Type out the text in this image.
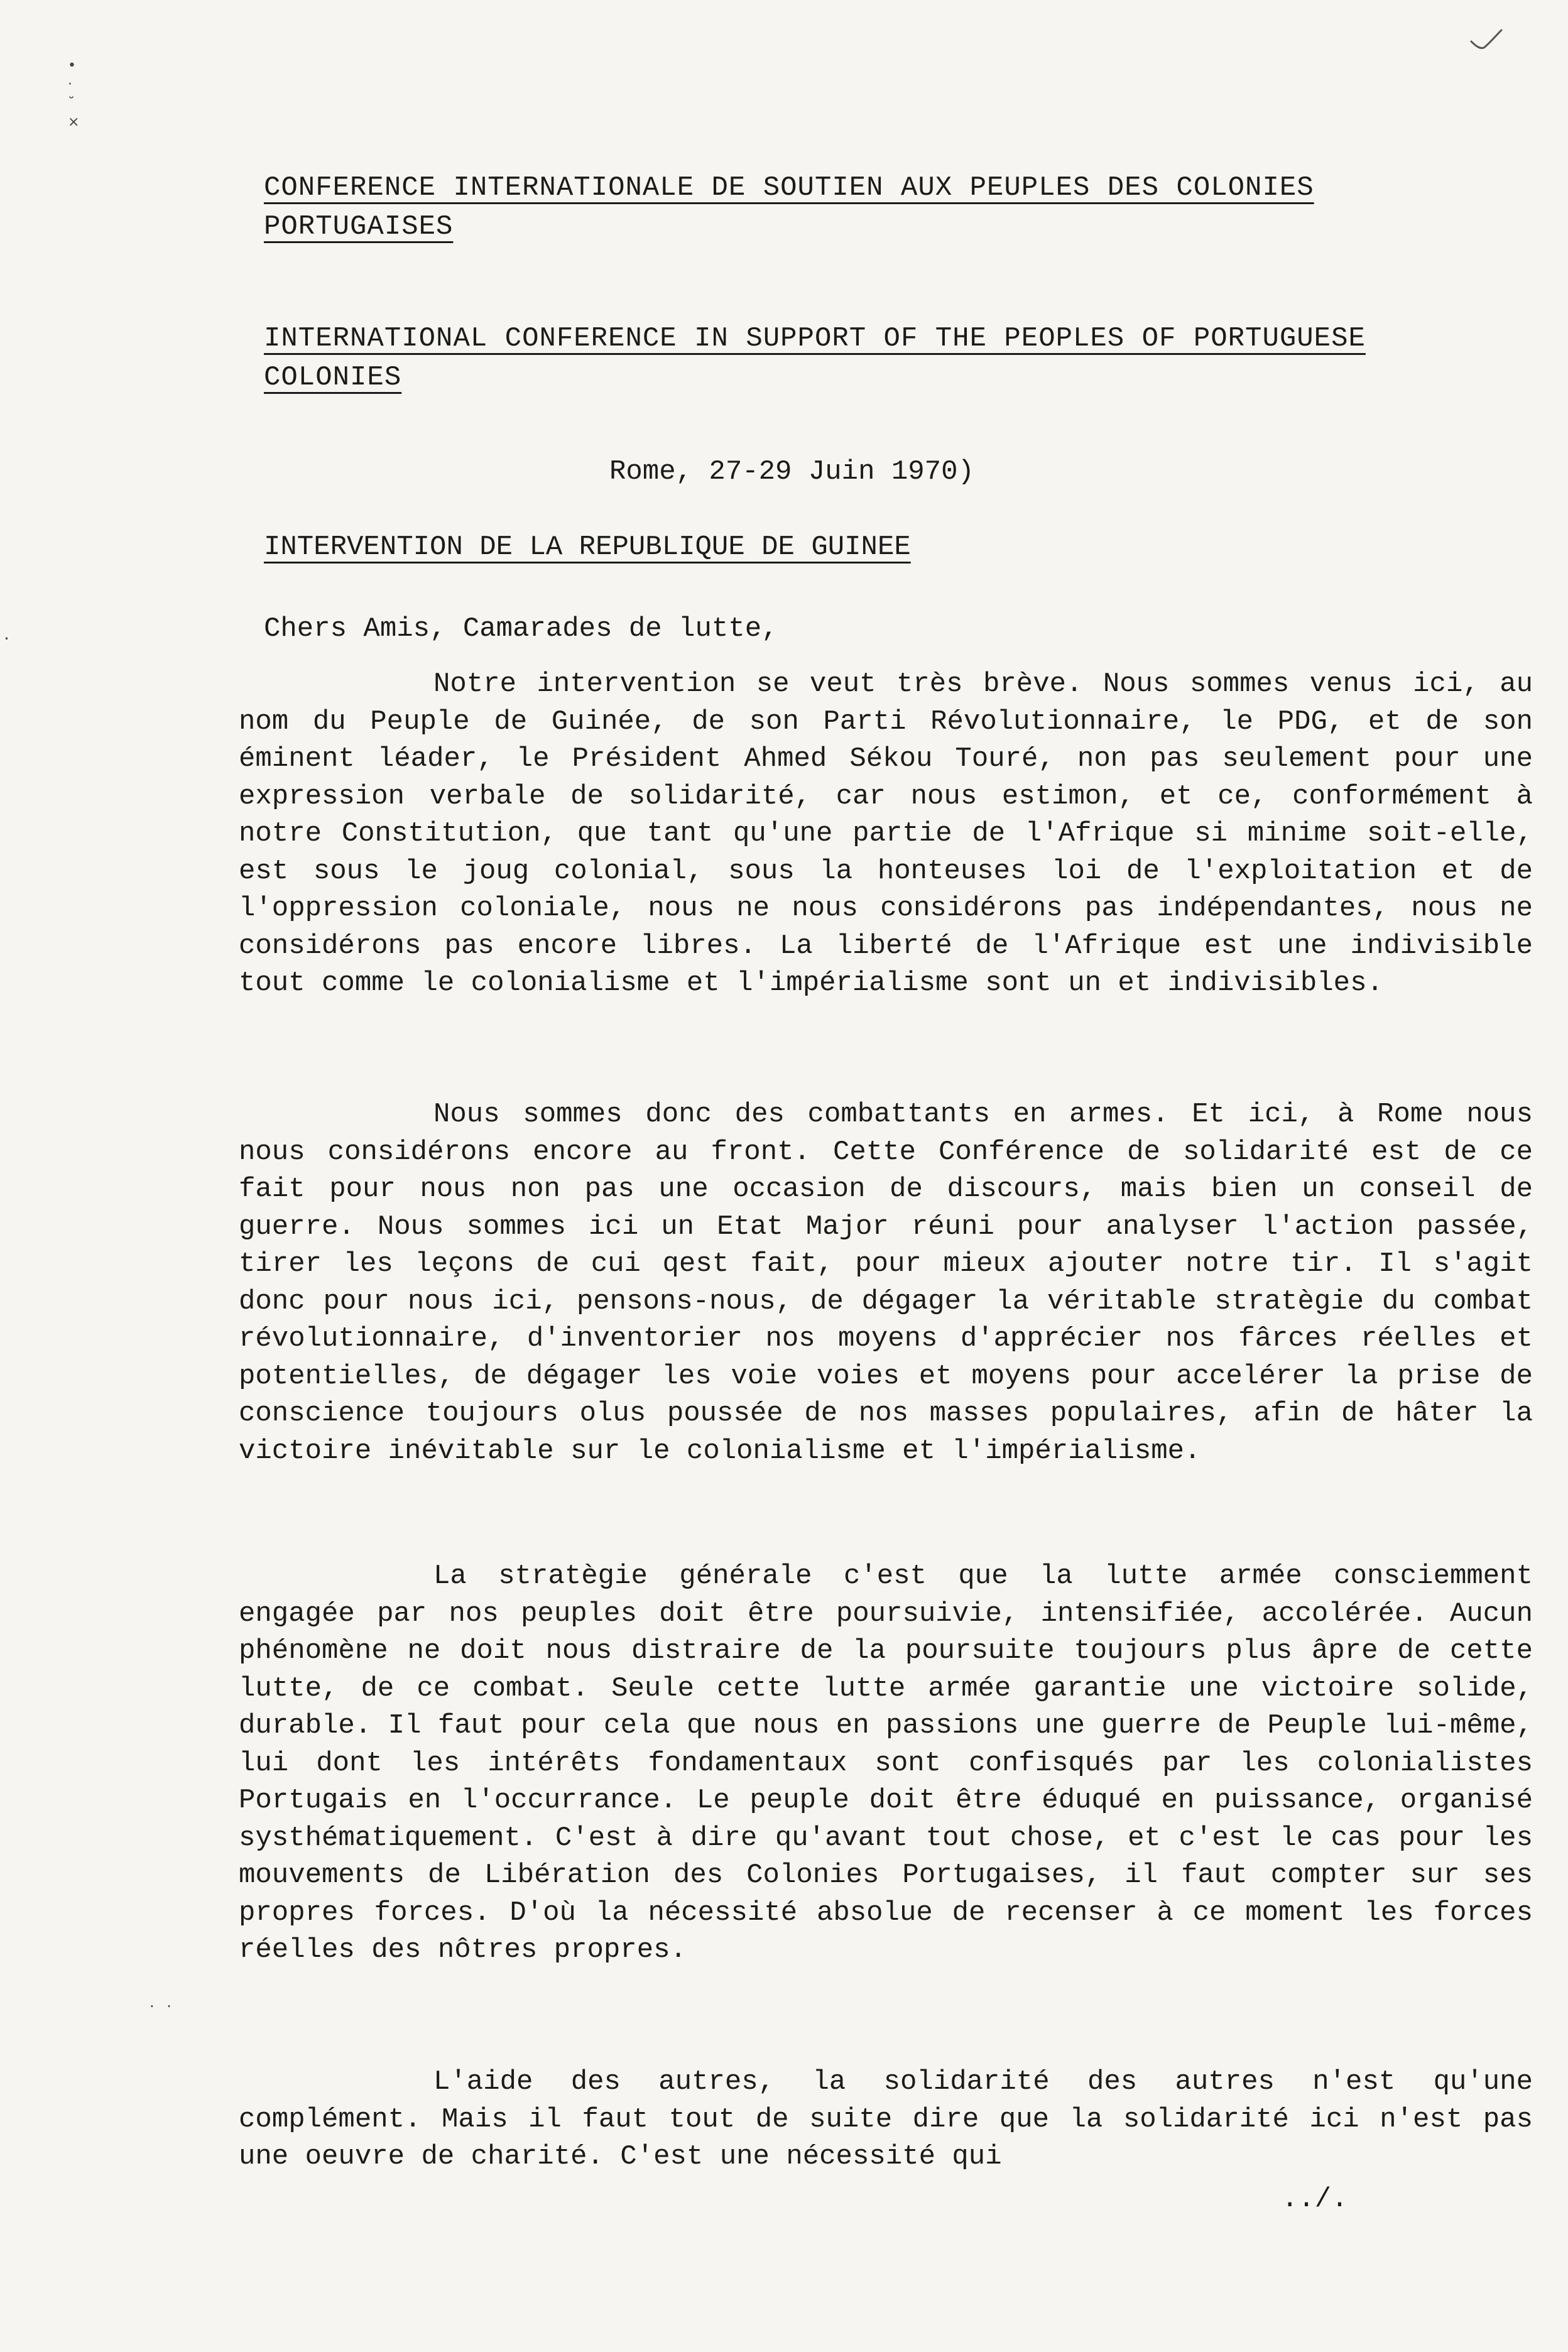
•
·
˘
×
·
· ·
CONFERENCE INTERNATIONALE DE SOUTIEN AUX PEUPLES DES COLONIES PORTUGAISES
INTERNATIONAL CONFERENCE IN SUPPORT OF THE PEOPLES OF PORTUGUESE COLONIES
Rome, 27-29 Juin 1970)
INTERVENTION DE LA REPUBLIQUE DE GUINEE
Chers Amis, Camarades de lutte,

Notre intervention se veut très brève. Nous sommes venus ici, au nom du Peuple de Guinée, de son Parti Révolutionnaire, le PDG, et de son éminent léader, le Président Ahmed Sékou Touré, non pas seulement pour une expression verbale de solidarité, car nous estimon, et ce, conformément à notre Constitution, que tant qu'une partie de l'Afrique si minime soit-elle, est sous le joug colonial, sous la honteuses loi de l'exploitation et de l'oppression coloniale, nous ne nous considérons pas indépendantes, nous ne considérons pas encore libres. La liberté de l'Afrique est une indivisible tout comme le colonialisme et l'impérialisme sont un et indivisibles.

Nous sommes donc des combattants en armes. Et ici, à Rome nous nous considérons encore au front. Cette Conférence de solidarité est de ce fait pour nous non pas une occasion de discours, mais bien un conseil de guerre. Nous sommes ici un Etat Major réuni pour analyser l'action passée, tirer les leçons de cui qest fait, pour mieux ajouter notre tir. Il s'agit donc pour nous ici, pensons-nous, de dégager la véritable stratègie du combat révolutionnaire, d'inventorier nos moyens d'apprécier nos fârces réelles et potentielles, de dégager les voie voies et moyens pour accelérer la prise de conscience toujours olus poussée de nos masses populaires, afin de hâter la victoire inévitable sur le colonialisme et l'impérialisme.

La stratègie générale c'est que la lutte armée consciemment engagée par nos peuples doit être poursuivie, intensifiée, accolérée. Aucun phénomène ne doit nous distraire de la poursuite toujours plus âpre de cette lutte, de ce combat. Seule cette lutte armée garantie une victoire solide, durable. Il faut pour cela que nous en passions une guerre de Peuple lui-même, lui dont les intérêts fondamentaux sont confisqués par les colonialistes Portugais en l'occurrance. Le peuple doit être éduqué en puissance, organisé systhématiquement. C'est à dire qu'avant tout chose, et c'est le cas pour les mouvements de Libération des Colonies Portugaises, il faut compter sur ses propres forces. D'où la nécessité absolue de recenser à ce moment les forces réelles des nôtres propres.

L'aide des autres, la solidarité des autres n'est qu'une complément. Mais il faut tout de suite dire que la solidarité ici n'est pas une oeuvre de charité. C'est une nécessité qui

../.
